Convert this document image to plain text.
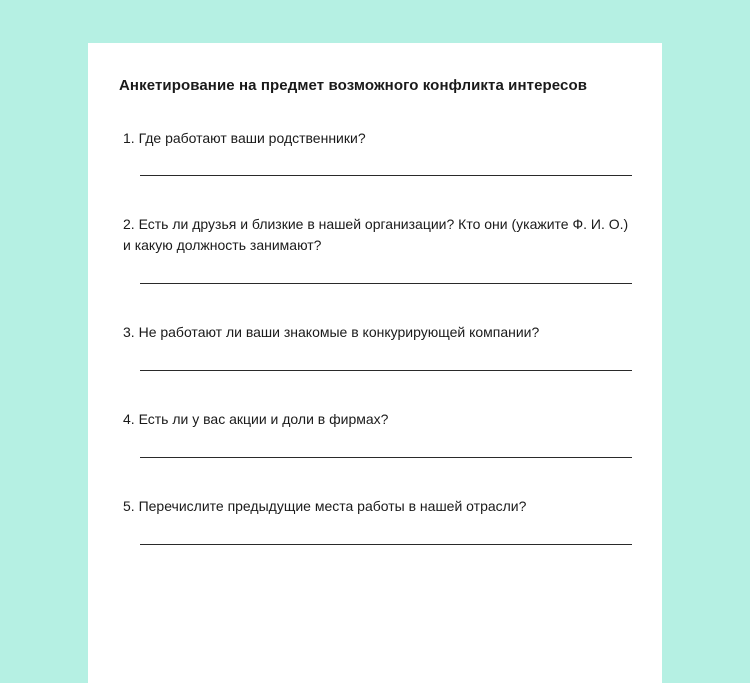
Анкетирование на предмет возможного конфликта интересов

1. Где работают ваши родственники?

2. Есть ли друзья и близкие в нашей организации? Кто они (укажите Ф. И. О.) и какую должность занимают?

3. Не работают ли ваши знакомые в конкурирующей компании?

4. Есть ли у вас акции и доли в фирмах?

5. Перечислите предыдущие места работы в нашей отрасли?
